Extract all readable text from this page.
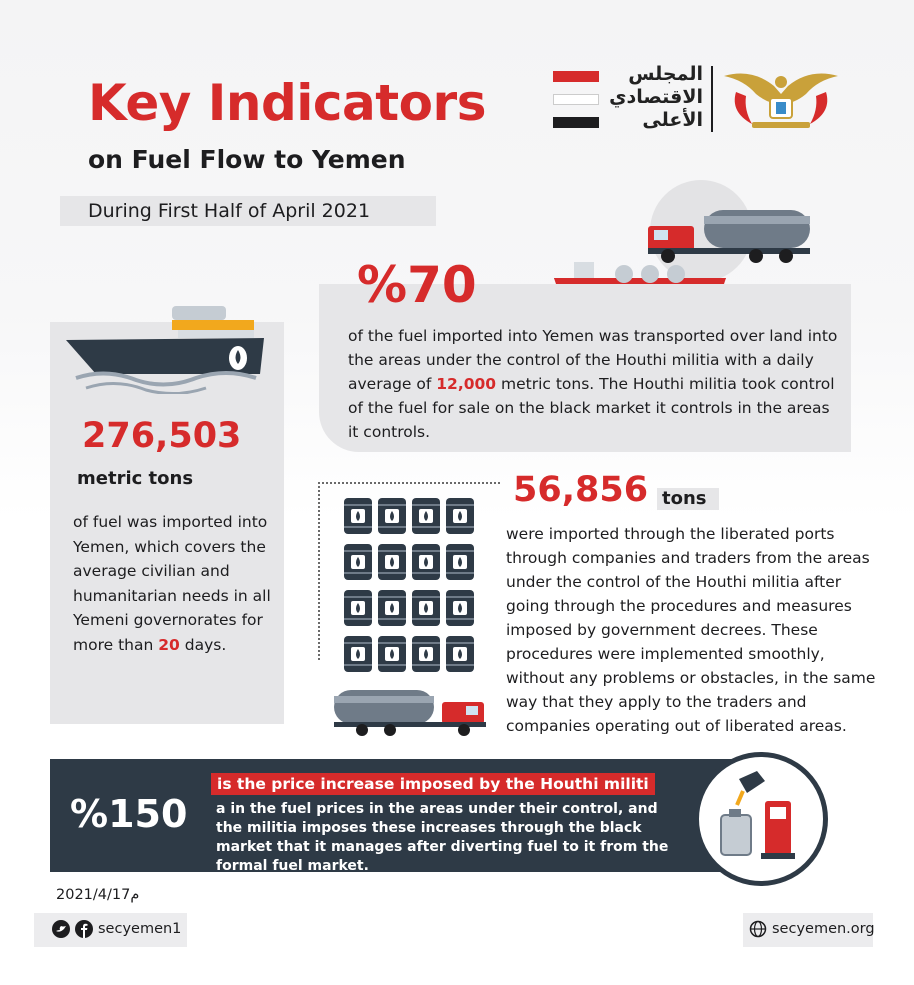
Key Indicators
on Fuel Flow to Yemen
During First Half of April 2021
المجلس
الاقتصادي
الأعلى
%70
of the fuel imported into Yemen was transported over land into the areas under the control of the Houthi militia with a daily average of 12,000 metric tons. The Houthi militia took control of the fuel for sale on the black market it controls in the areas it controls.
276,503
metric tons
of fuel was imported into Yemen, which covers the average civilian and humanitarian needs in all Yemeni governorates for more than 20 days.
56,856 tons
were imported through the liberated ports through companies and traders from the areas under the control of the Houthi militia after going through the procedures and measures imposed by government decrees. These procedures were implemented smoothly, without any problems or obstacles, in the same way that they apply to the traders and companies operating out of liberated areas.
%150
is the price increase imposed by the Houthi militi
a in the fuel prices in the areas under their control, and the militia imposes these increases through the black market that it manages after diverting fuel to it from the formal fuel market.
2021/4/17م
secyemen1	secyemen.org
